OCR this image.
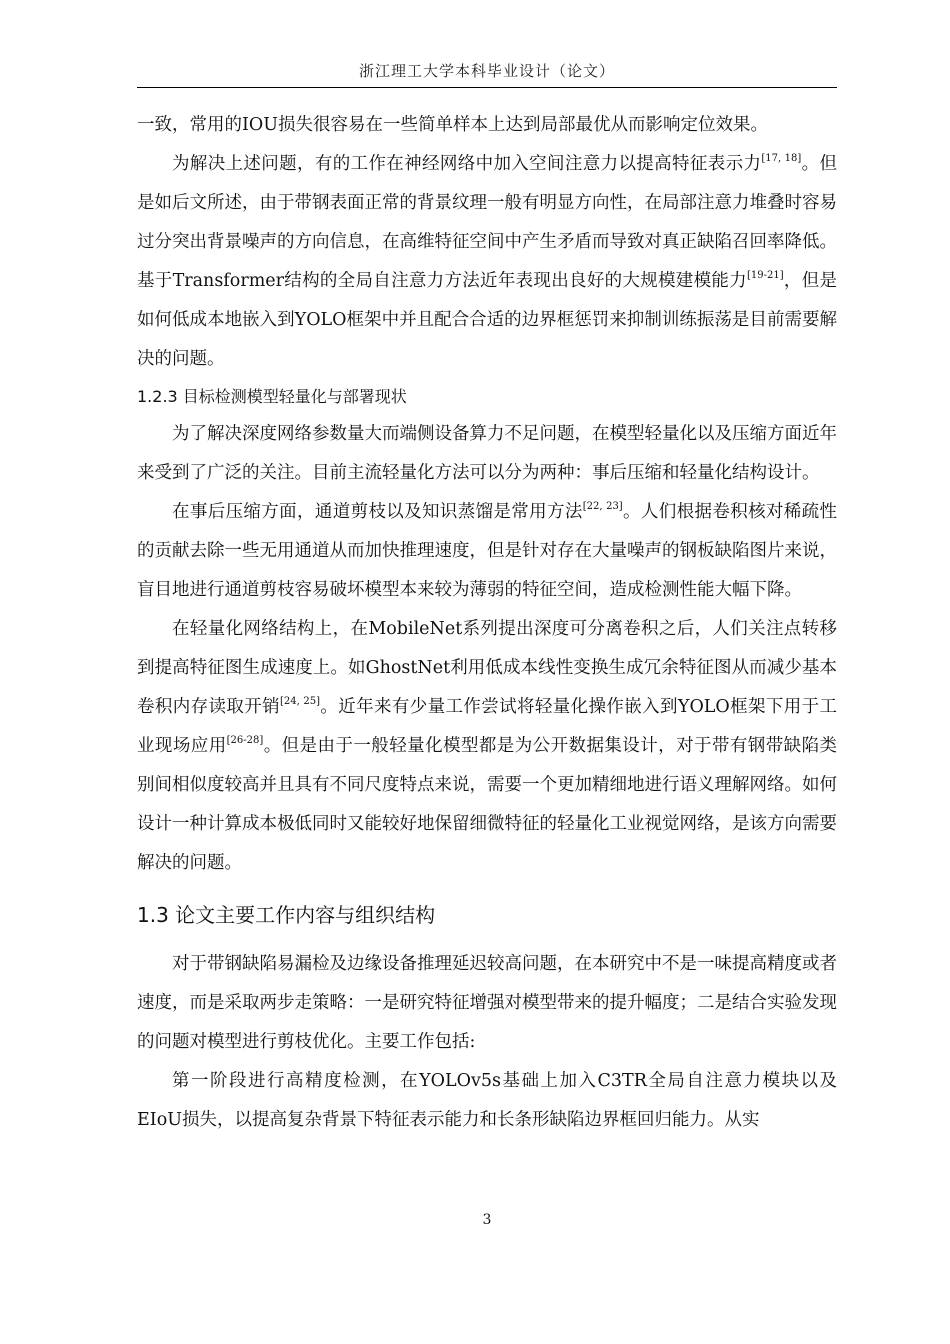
浙江理工大学本科毕业设计（论文）

一致，常用的IOU损失很容易在一些简单样本上达到局部最优从而影响定位效果。

为解决上述问题，有的工作在神经网络中加入空间注意力以提高特征表示力[17, 18]。但是如后文所述，由于带钢表面正常的背景纹理一般有明显方向性，在局部注意力堆叠时容易过分突出背景噪声的方向信息，在高维特征空间中产生矛盾而导致对真正缺陷召回率降低。基于Transformer结构的全局自注意力方法近年表现出良好的大规模建模能力[19-21]，但是如何低成本地嵌入到YOLO框架中并且配合合适的边界框惩罚来抑制训练振荡是目前需要解决的问题。

1.2.3 目标检测模型轻量化与部署现状

为了解决深度网络参数量大而端侧设备算力不足问题，在模型轻量化以及压缩方面近年来受到了广泛的关注。目前主流轻量化方法可以分为两种：事后压缩和轻量化结构设计。

在事后压缩方面，通道剪枝以及知识蒸馏是常用方法[22, 23]。人们根据卷积核对稀疏性的贡献去除一些无用通道从而加快推理速度，但是针对存在大量噪声的钢板缺陷图片来说，盲目地进行通道剪枝容易破坏模型本来较为薄弱的特征空间，造成检测性能大幅下降。

在轻量化网络结构上，在MobileNet系列提出深度可分离卷积之后，人们关注点转移到提高特征图生成速度上。如GhostNet利用低成本线性变换生成冗余特征图从而减少基本卷积内存读取开销[24, 25]。近年来有少量工作尝试将轻量化操作嵌入到YOLO框架下用于工业现场应用[26-28]。但是由于一般轻量化模型都是为公开数据集设计，对于带有钢带缺陷类别间相似度较高并且具有不同尺度特点来说，需要一个更加精细地进行语义理解网络。如何设计一种计算成本极低同时又能较好地保留细微特征的轻量化工业视觉网络，是该方向需要解决的问题。

1.3 论文主要工作内容与组织结构

对于带钢缺陷易漏检及边缘设备推理延迟较高问题，在本研究中不是一味提高精度或者速度，而是采取两步走策略：一是研究特征增强对模型带来的提升幅度；二是结合实验发现的问题对模型进行剪枝优化。主要工作包括:

第一阶段进行高精度检测，在YOLOv5s基础上加入C3TR全局自注意力模块以及EIoU损失，以提高复杂背景下特征表示能力和长条形缺陷边界框回归能力。从实

3
